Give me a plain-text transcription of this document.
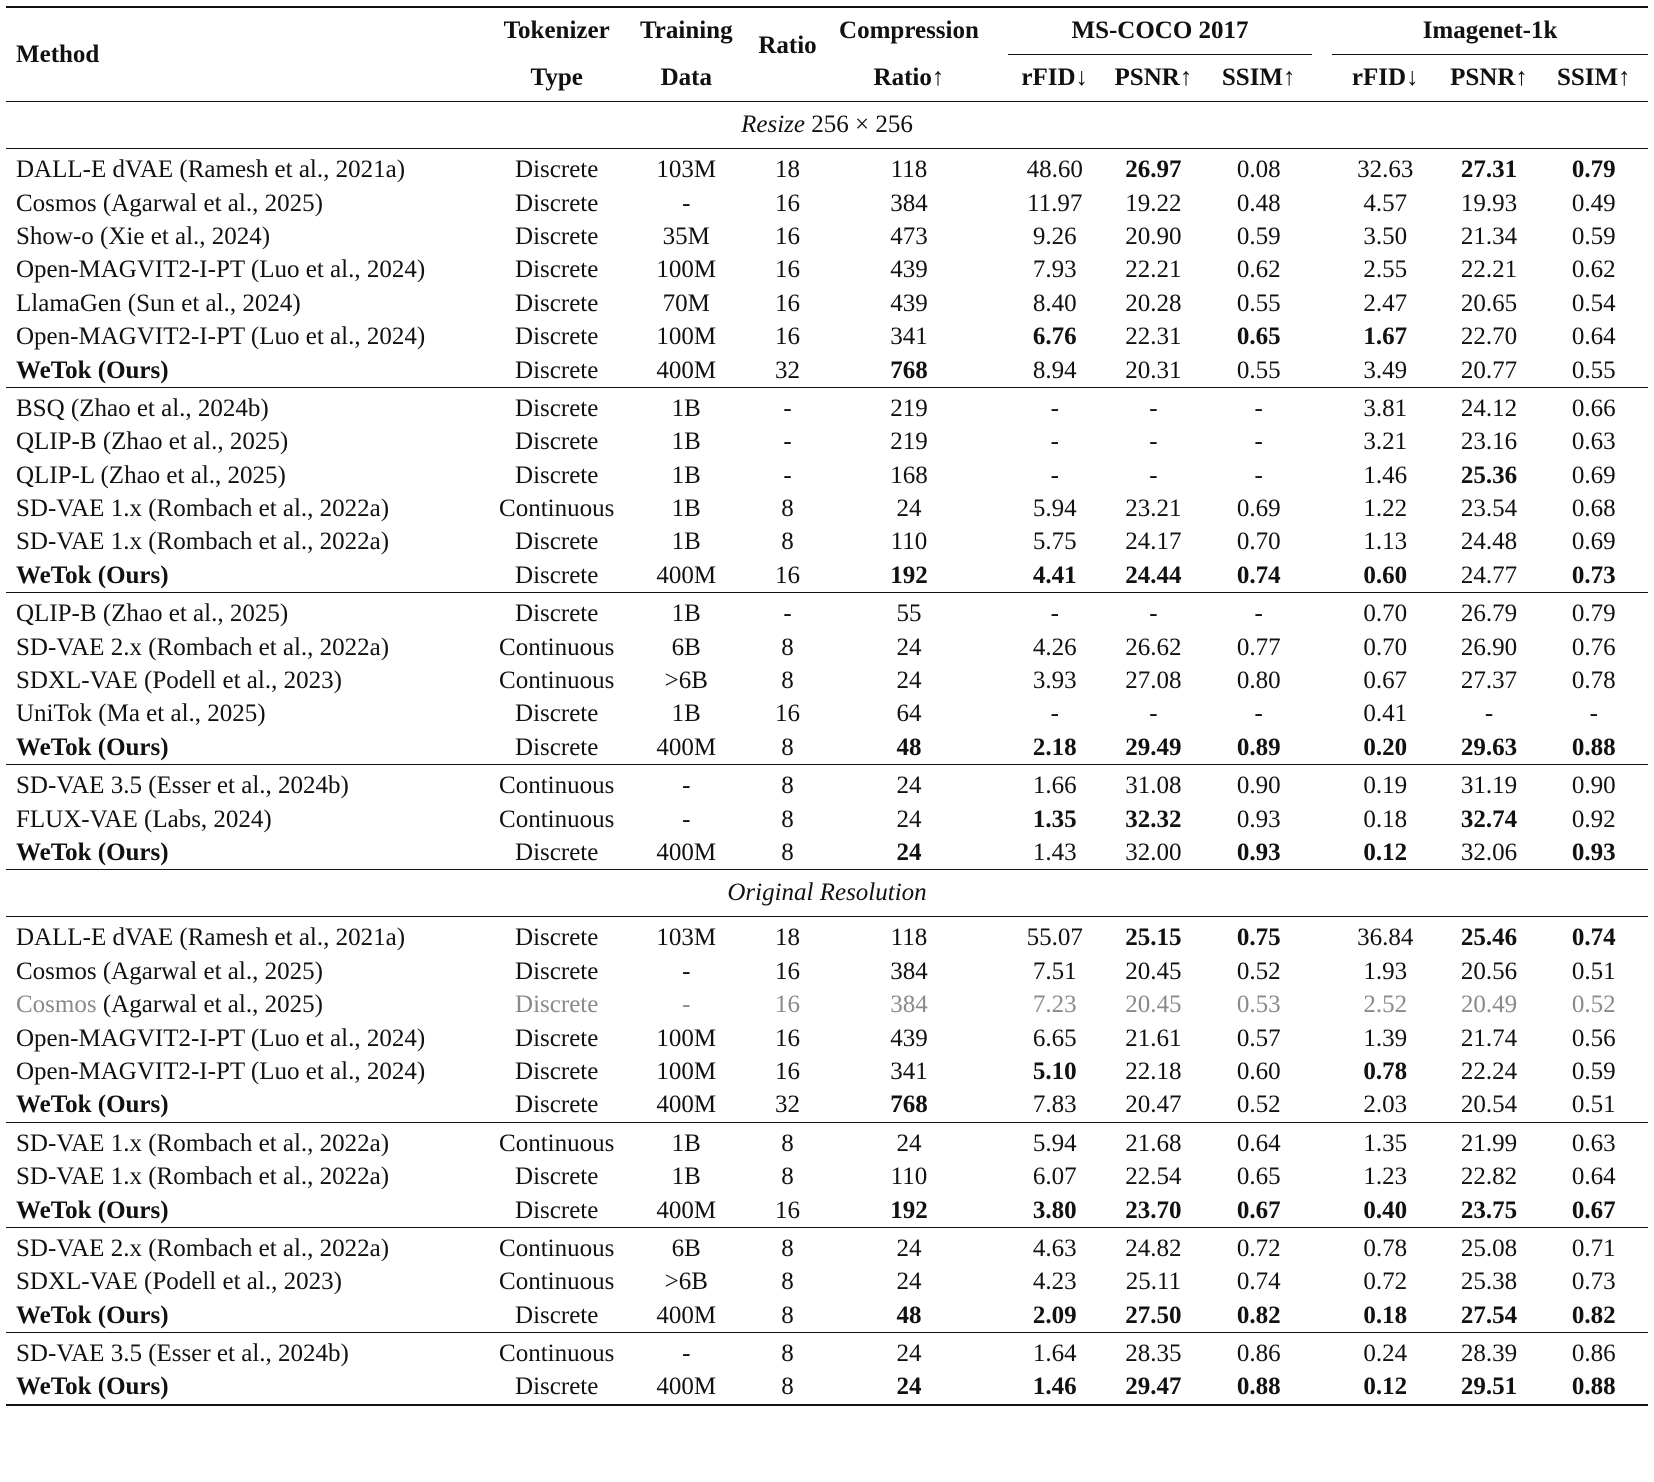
Method	Tokenizer	Training	Ratio	Compression		MS-COCO 2017				Imagenet-1k		
	Type	Data		Ratio↑		rFID↓	PSNR↑	SSIM↑		rFID↓	PSNR↑	SSIM↑
Resize 256 × 256												
DALL-E dVAE (Ramesh et al., 2021a)	Discrete	103M	18	118		48.60	26.97	0.08		32.63	27.31	0.79
Cosmos (Agarwal et al., 2025)	Discrete	-	16	384		11.97	19.22	0.48		4.57	19.93	0.49
Show-o (Xie et al., 2024)	Discrete	35M	16	473		9.26	20.90	0.59		3.50	21.34	0.59
Open-MAGVIT2-I-PT (Luo et al., 2024)	Discrete	100M	16	439		7.93	22.21	0.62		2.55	22.21	0.62
LlamaGen (Sun et al., 2024)	Discrete	70M	16	439		8.40	20.28	0.55		2.47	20.65	0.54
Open-MAGVIT2-I-PT (Luo et al., 2024)	Discrete	100M	16	341		6.76	22.31	0.65		1.67	22.70	0.64
WeTok (Ours)	Discrete	400M	32	768		8.94	20.31	0.55		3.49	20.77	0.55
BSQ (Zhao et al., 2024b)	Discrete	1B	-	219		-	-	-		3.81	24.12	0.66
QLIP-B (Zhao et al., 2025)	Discrete	1B	-	219		-	-	-		3.21	23.16	0.63
QLIP-L (Zhao et al., 2025)	Discrete	1B	-	168		-	-	-		1.46	25.36	0.69
SD-VAE 1.x (Rombach et al., 2022a)	Continuous	1B	8	24		5.94	23.21	0.69		1.22	23.54	0.68
SD-VAE 1.x (Rombach et al., 2022a)	Discrete	1B	8	110		5.75	24.17	0.70		1.13	24.48	0.69
WeTok (Ours)	Discrete	400M	16	192		4.41	24.44	0.74		0.60	24.77	0.73
QLIP-B (Zhao et al., 2025)	Discrete	1B	-	55		-	-	-		0.70	26.79	0.79
SD-VAE 2.x (Rombach et al., 2022a)	Continuous	6B	8	24		4.26	26.62	0.77		0.70	26.90	0.76
SDXL-VAE (Podell et al., 2023)	Continuous	>6B	8	24		3.93	27.08	0.80		0.67	27.37	0.78
UniTok (Ma et al., 2025)	Discrete	1B	16	64		-	-	-		0.41	-	-
WeTok (Ours)	Discrete	400M	8	48		2.18	29.49	0.89		0.20	29.63	0.88
SD-VAE 3.5 (Esser et al., 2024b)	Continuous	-	8	24		1.66	31.08	0.90		0.19	31.19	0.90
FLUX-VAE (Labs, 2024)	Continuous	-	8	24		1.35	32.32	0.93		0.18	32.74	0.92
WeTok (Ours)	Discrete	400M	8	24		1.43	32.00	0.93		0.12	32.06	0.93
Original Resolution												
DALL-E dVAE (Ramesh et al., 2021a)	Discrete	103M	18	118		55.07	25.15	0.75		36.84	25.46	0.74
Cosmos (Agarwal et al., 2025)	Discrete	-	16	384		7.51	20.45	0.52		1.93	20.56	0.51
Cosmos (Agarwal et al., 2025)	Discrete	-	16	384		7.23	20.45	0.53		2.52	20.49	0.52
Open-MAGVIT2-I-PT (Luo et al., 2024)	Discrete	100M	16	439		6.65	21.61	0.57		1.39	21.74	0.56
Open-MAGVIT2-I-PT (Luo et al., 2024)	Discrete	100M	16	341		5.10	22.18	0.60		0.78	22.24	0.59
WeTok (Ours)	Discrete	400M	32	768		7.83	20.47	0.52		2.03	20.54	0.51
SD-VAE 1.x (Rombach et al., 2022a)	Continuous	1B	8	24		5.94	21.68	0.64		1.35	21.99	0.63
SD-VAE 1.x (Rombach et al., 2022a)	Discrete	1B	8	110		6.07	22.54	0.65		1.23	22.82	0.64
WeTok (Ours)	Discrete	400M	16	192		3.80	23.70	0.67		0.40	23.75	0.67
SD-VAE 2.x (Rombach et al., 2022a)	Continuous	6B	8	24		4.63	24.82	0.72		0.78	25.08	0.71
SDXL-VAE (Podell et al., 2023)	Continuous	>6B	8	24		4.23	25.11	0.74		0.72	25.38	0.73
WeTok (Ours)	Discrete	400M	8	48		2.09	27.50	0.82		0.18	27.54	0.82
SD-VAE 3.5 (Esser et al., 2024b)	Continuous	-	8	24		1.64	28.35	0.86		0.24	28.39	0.86
WeTok (Ours)	Discrete	400M	8	24		1.46	29.47	0.88		0.12	29.51	0.88
